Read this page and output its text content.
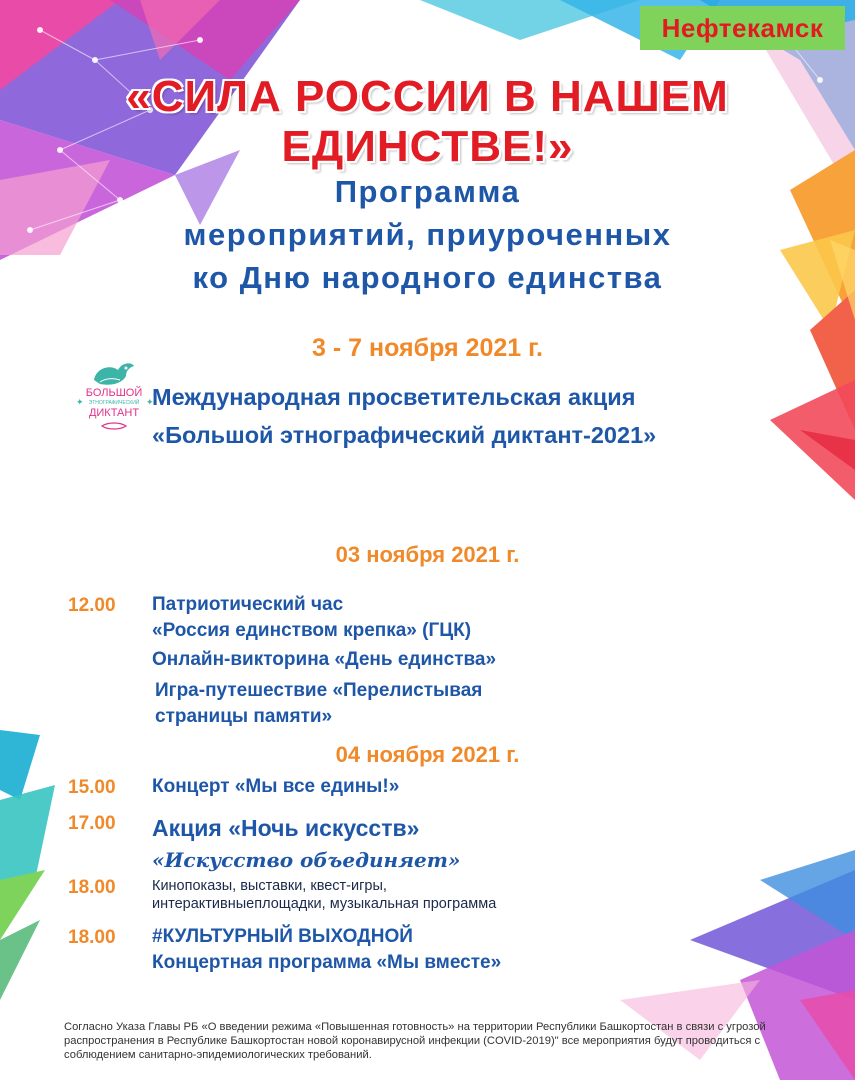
Нефтекамск
«СИЛА РОССИИ В НАШЕМ ЕДИНСТВЕ!»
Программа
мероприятий, приуроченных
ко Дню народного единства
3 - 7 ноября 2021 г.
БОЛЬШОЙ
ЭТНОГРАФИЧЕСКИЙ
ДИКТАНТ
✦	✦
Международная просветительская акция
«Большой этнографический диктант-2021»
03 ноября 2021 г.
12.00 Патриотический час
«Россия единством крепка» (ГЦК)
Онлайн-викторина «День единства»
Игра-путешествие «Перелистывая
страницы памяти»
04 ноября 2021 г.
15.00 Концерт «Мы все едины!»
17.00 Акция «Ночь искусств»
«Искусство объединяет»
18.00	Кинопоказы, выставки, квест-игры,
интерактивныеплощадки, музыкальная программа
18.00 #КУЛЬТУРНЫЙ ВЫХОДНОЙ
Концертная программа «Мы вместе»
Согласно Указа Главы РБ «О введении режима «Повышенная готовность» на территории Республики Башкортостан в связи с угрозой
распространения в Республике Башкортостан новой коронавирусной инфекции (COVID-2019)" все мероприятия будут проводиться с
соблюдением санитарно-эпидемиологических требований.
